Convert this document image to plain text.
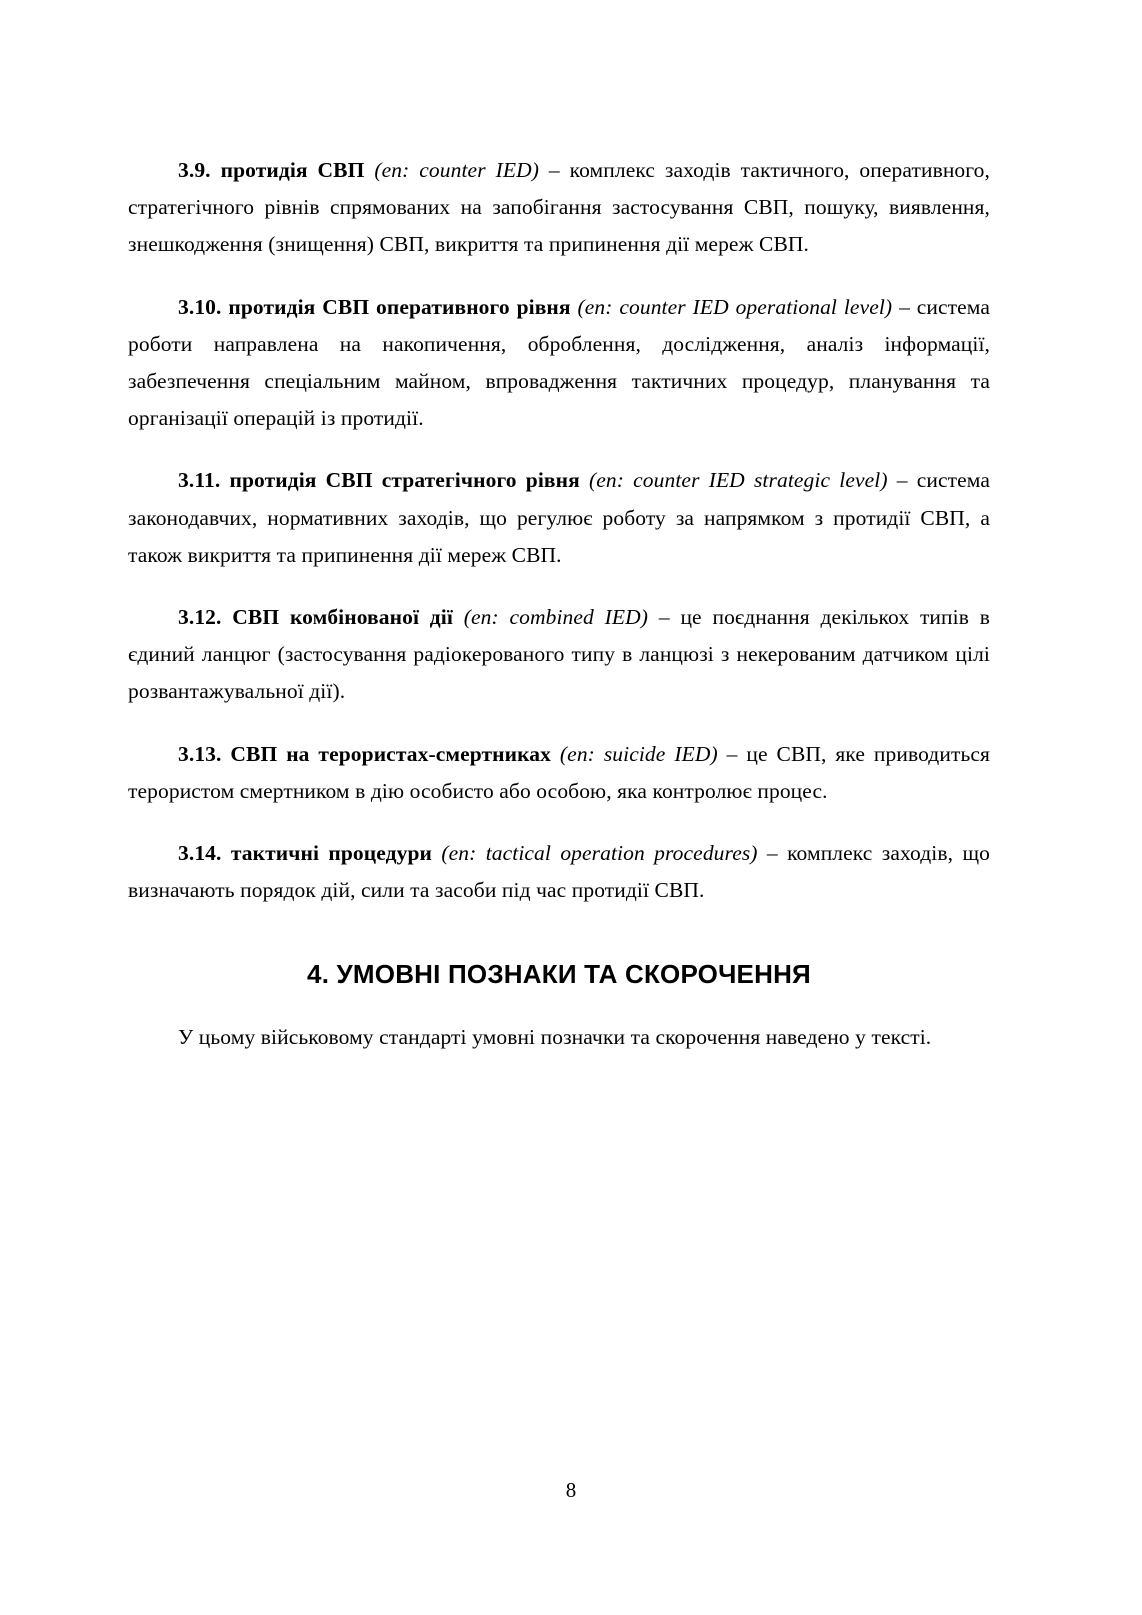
3.9. протидія СВП (en: counter IED) – комплекс заходів тактичного, оперативного, стратегічного рівнів спрямованих на запобігання застосування СВП, пошуку, виявлення, знешкодження (знищення) СВП, викриття та припинення дії мереж СВП.

3.10. протидія СВП оперативного рівня (en: counter IED operational level) – система роботи направлена на накопичення, оброблення, дослідження, аналіз інформації, забезпечення спеціальним майном, впровадження тактичних процедур, планування та організації операцій із протидії.

3.11. протидія СВП стратегічного рівня (en: counter IED strategic level) – система законодавчих, нормативних заходів, що регулює роботу за напрямком з протидії СВП, а також викриття та припинення дії мереж СВП.

3.12. СВП комбінованої дії (en: combined IED) – це поєднання декількох типів в єдиний ланцюг (застосування радіокерованого типу в ланцюзі з некерованим датчиком цілі розвантажувальної дії).

3.13. СВП на терористах-смертниках (en: suicide IED) – це СВП, яке приводиться терористом смертником в дію особисто або особою, яка контролює процес.

3.14. тактичні процедури (en: tactical operation procedures) – комплекс заходів, що визначають порядок дій, сили та засоби під час протидії СВП.

4. УМОВНІ ПОЗНАКИ ТА СКОРОЧЕННЯ

У цьому військовому стандарті умовні позначки та скорочення наведено у тексті.

8
